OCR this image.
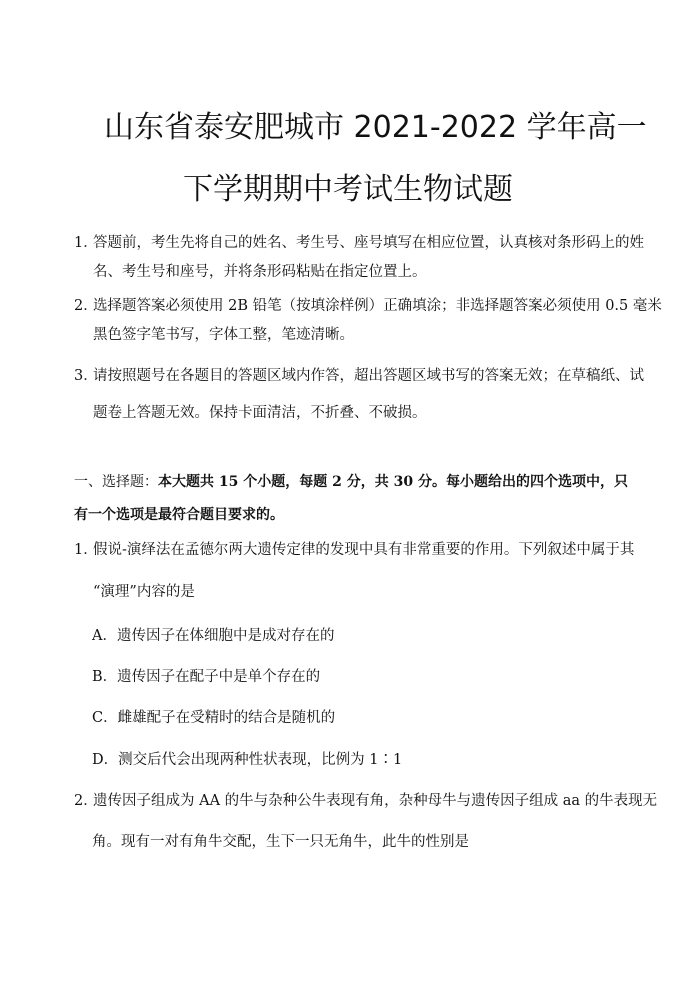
山东省泰安肥城市 2021-2022 学年高一
下学期期中考试生物试题
1．答题前，考生先将自己的姓名、考生号、座号填写在相应位置，认真核对条形码上的姓
名、考生号和座号，并将条形码粘贴在指定位置上。
2．选择题答案必须使用 2B 铅笔（按填涂样例）正确填涂；非选择题答案必须使用 0.5 毫米
黑色签字笔书写，字体工整，笔迹清晰。
3．请按照题号在各题目的答题区域内作答，超出答题区域书写的答案无效；在草稿纸、试
题卷上答题无效。保持卡面清洁，不折叠、不破损。
一、选择题：本大题共 15 个小题，每题 2 分，共 30 分。每小题给出的四个选项中，只有一个选项是最符合题目要求的。
1．假说-演绎法在孟德尔两大遗传定律的发现中具有非常重要的作用。下列叙述中属于其
“演理”内容的是
A．遗传因子在体细胞中是成对存在的
B．遗传因子在配子中是单个存在的
C．雌雄配子在受精时的结合是随机的
D．测交后代会出现两种性状表现，比例为 1∶1
2．遗传因子组成为 AA 的牛与杂种公牛表现有角，杂种母牛与遗传因子组成 aa 的牛表现无
角。现有一对有角牛交配，生下一只无角牛，此牛的性别是
